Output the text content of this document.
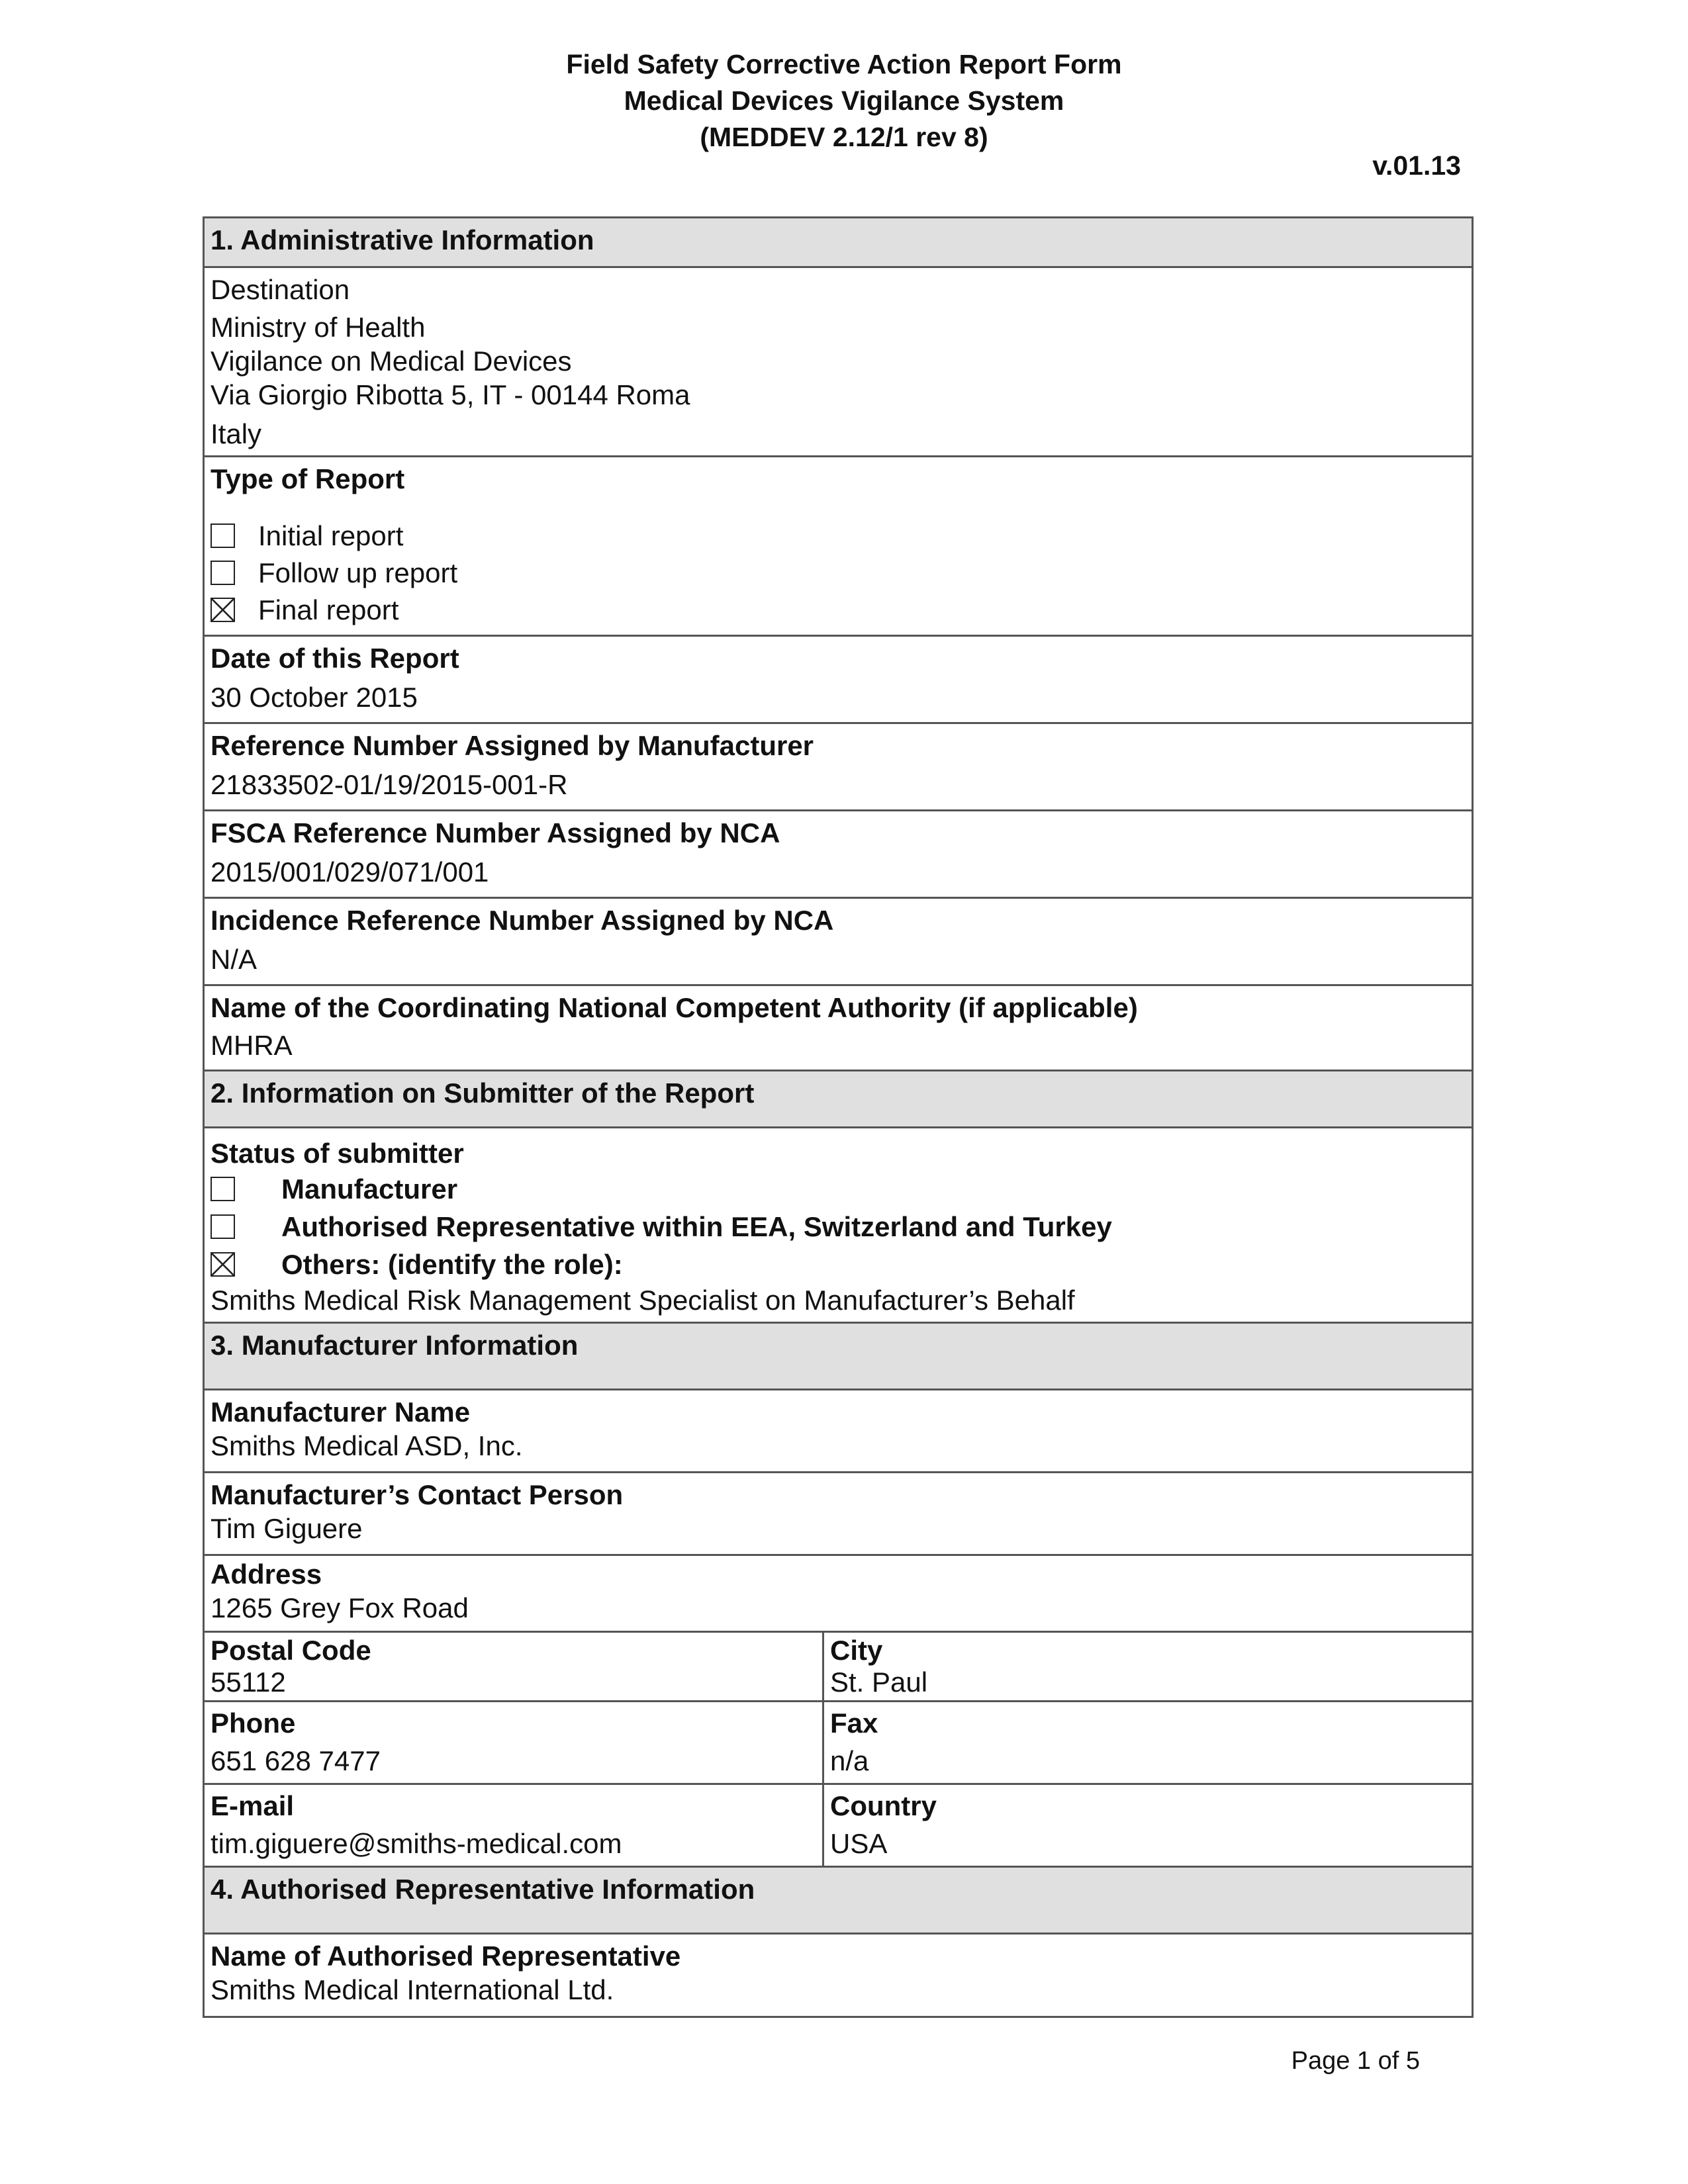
Field Safety Corrective Action Report Form
Medical Devices Vigilance System
(MEDDEV 2.12/1 rev 8)
v.01.13
1. Administrative Information
Destination
Ministry of Health
Vigilance on Medical Devices
Via Giorgio Ribotta 5, IT - 00144 Roma
Italy
Type of Report
Initial report
Follow up report
Final report
Date of this Report
30 October 2015
Reference Number Assigned by Manufacturer
21833502-01/19/2015-001-R
FSCA Reference Number Assigned by NCA
2015/001/029/071/001
Incidence Reference Number Assigned by NCA
N/A
Name of the Coordinating National Competent Authority (if applicable)
MHRA
2. Information on Submitter of the Report
Status of submitter
Manufacturer
Authorised Representative within EEA, Switzerland and Turkey
Others: (identify the role):
Smiths Medical Risk Management Specialist on Manufacturer’s Behalf
3. Manufacturer Information
Manufacturer Name
Smiths Medical ASD, Inc.
Manufacturer’s Contact Person
Tim Giguere
Address
1265 Grey Fox Road
Postal Code
55112
City
St. Paul
Phone
651 628 7477
Fax
n/a
E-mail
tim.giguere@smiths-medical.com
Country
USA
4. Authorised Representative Information
Name of Authorised Representative
Smiths Medical International Ltd.
Page 1 of 5
